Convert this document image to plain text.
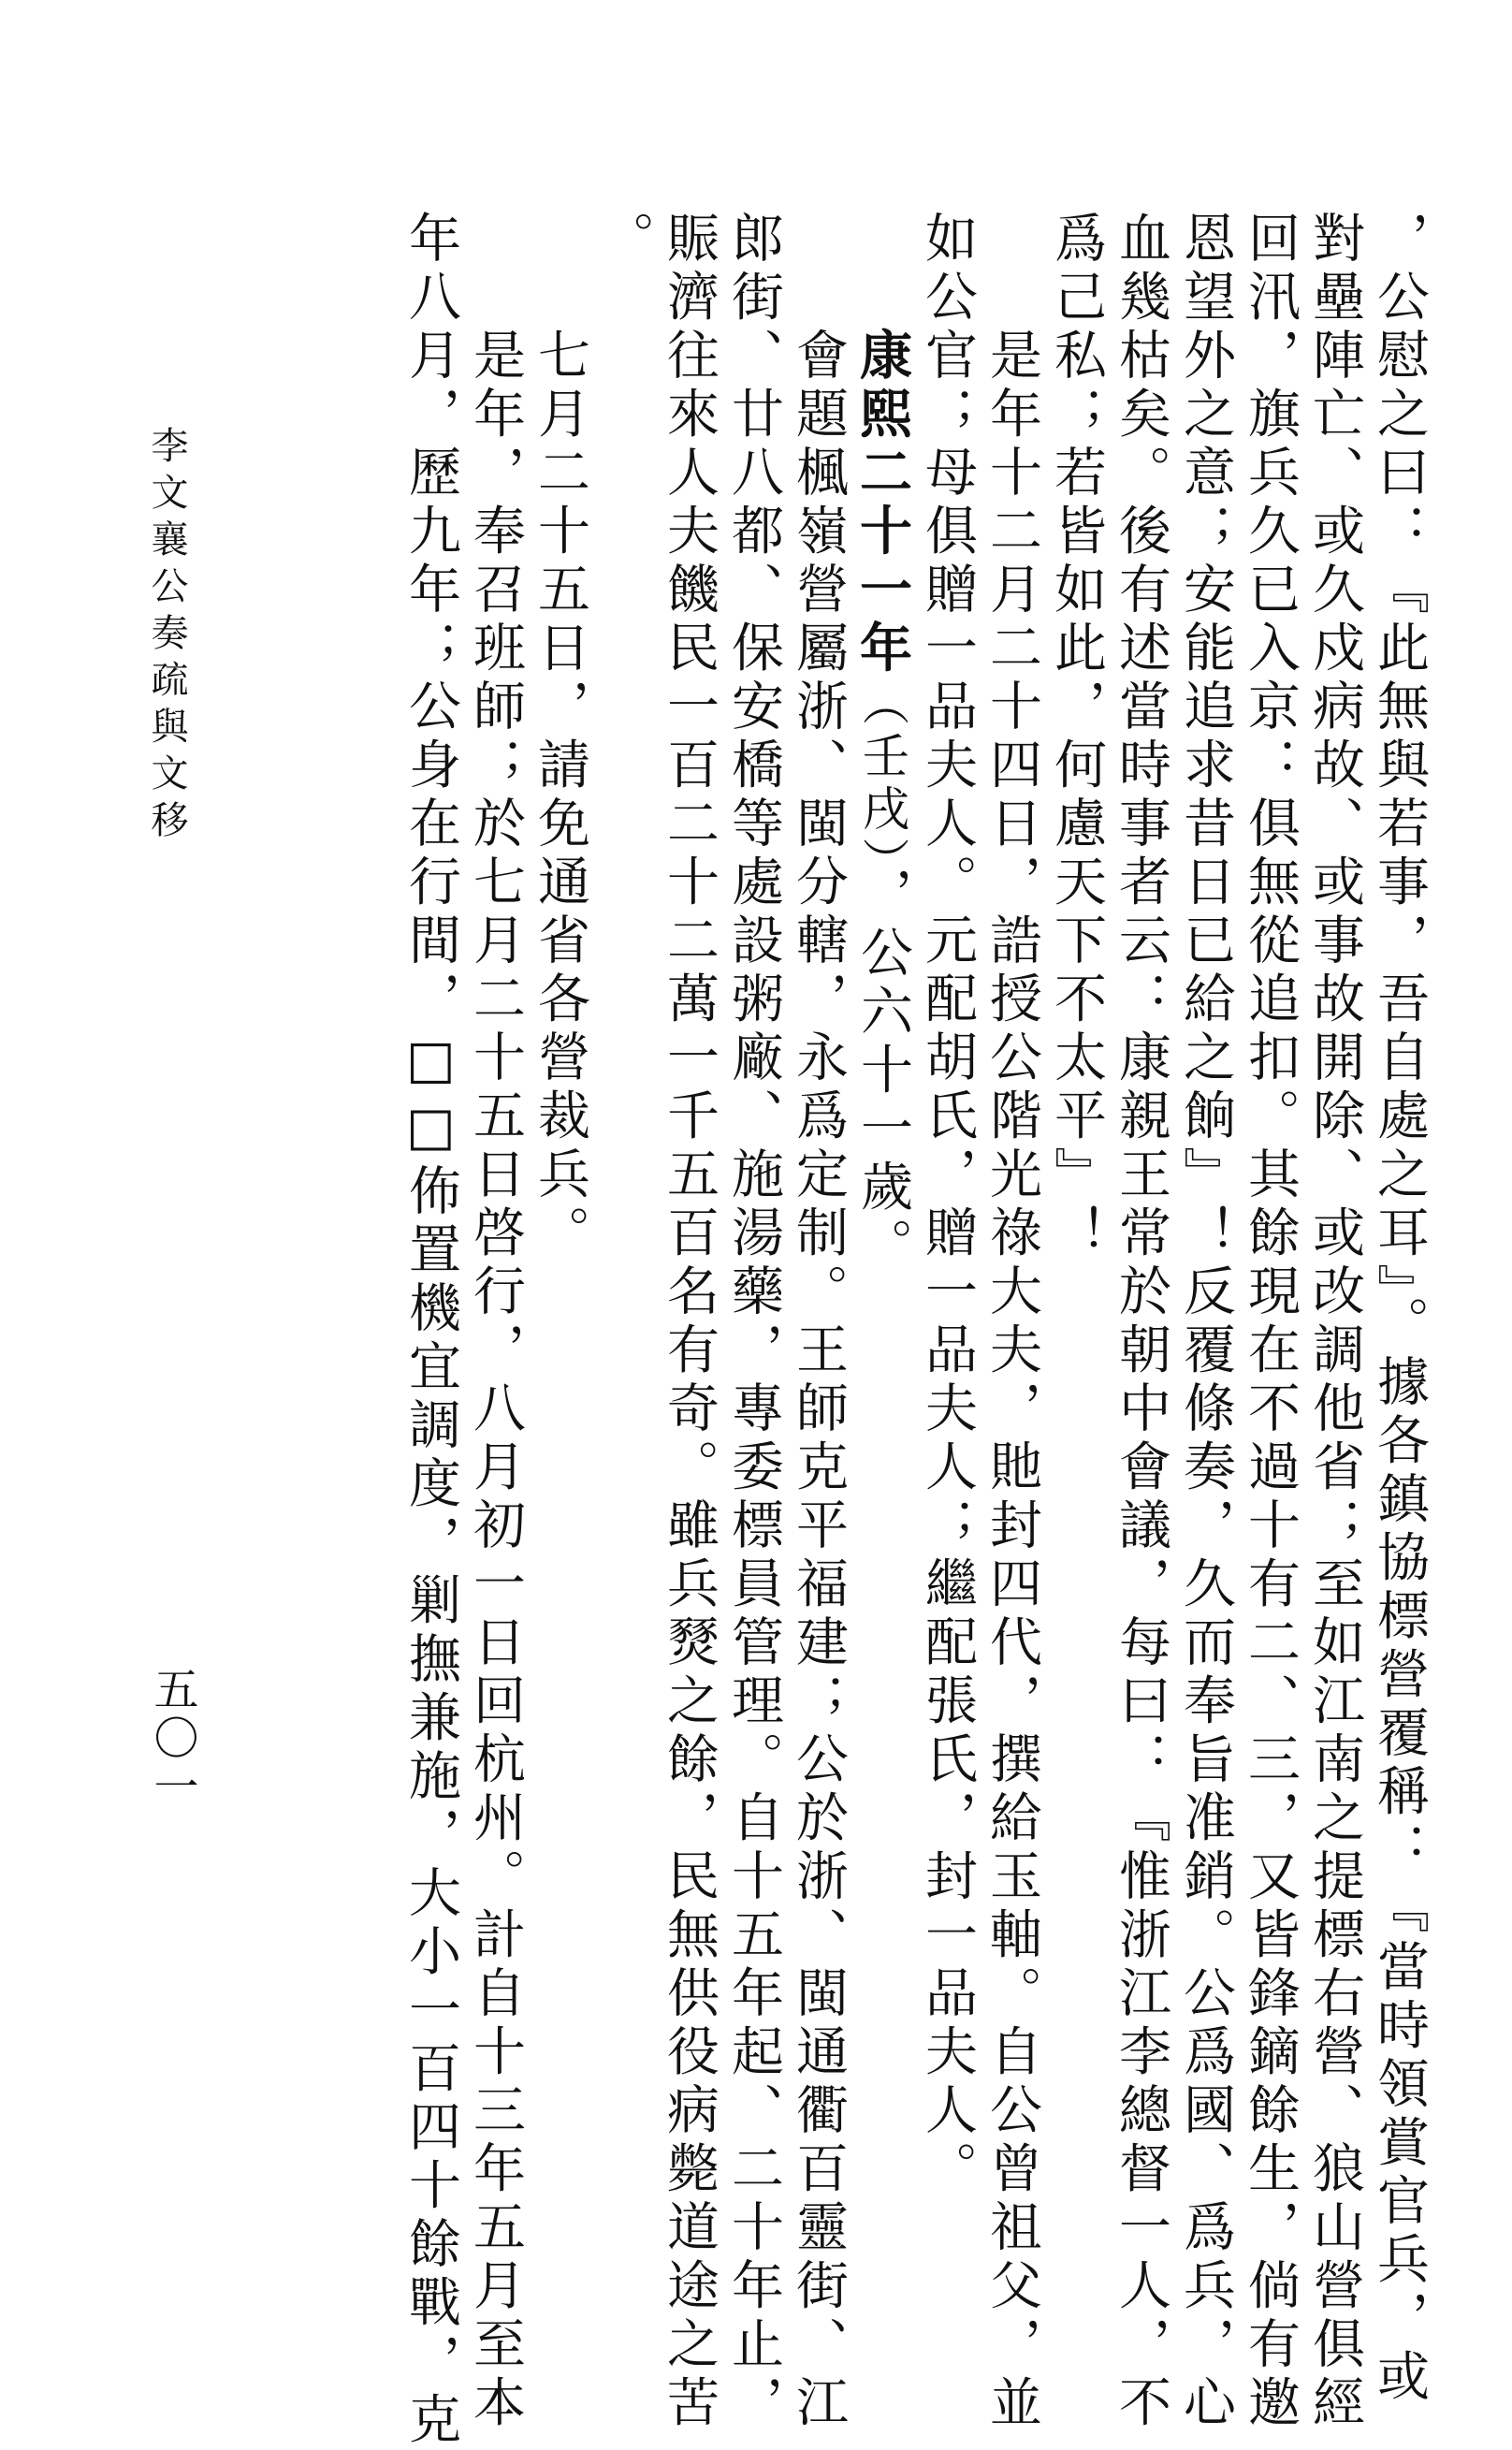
，公慰之曰：『此無與若事，吾自處之耳』。據各鎮協標營覆稱：『當時領賞官兵，或
對壘陣亡、或久戍病故、或事故開除、或改調他省；至如江南之提標右營、狼山營俱經
回汛，旗兵久已入京：俱無從追扣。其餘現在不過十有二、三，又皆鋒鏑餘生，倘有邀
恩望外之意；安能追求昔日已給之餉』！反覆條奏，久而奉旨准銷。公爲國、爲兵，心
血幾枯矣。後有述當時事者云：康親王常於朝中會議，每曰：『惟浙江李總督一人，不
爲己私；若皆如此，何慮天下不太平』！
是年十二月二十四日，誥授公階光祿大夫，貤封四代，撰給玉軸。自公曾祖父，並
如公官；母俱贈一品夫人。元配胡氏，贈一品夫人；繼配張氏，封一品夫人。
康熙二十一年（壬戌），公六十一歲。
會題楓嶺營屬浙、閩分轄，永爲定制。王師克平福建；公於浙、閩通衢百靈街、江
郎街、廿八都、保安橋等處設粥廠、施湯藥，專委標員管理。自十五年起、二十年止，
賑濟往來人夫饑民一百二十二萬一千五百名有奇。雖兵燹之餘，民無供役病斃道途之苦
。
七月二十五日，請免通省各營裁兵。
是年，奉召班師；於七月二十五日啓行，八月初一日回杭州。計自十三年五月至本
年八月，歷九年；公身在行間，□□佈置機宜調度，剿撫兼施，大小一百四十餘戰，克
李文襄公奏疏與文移
五〇一
